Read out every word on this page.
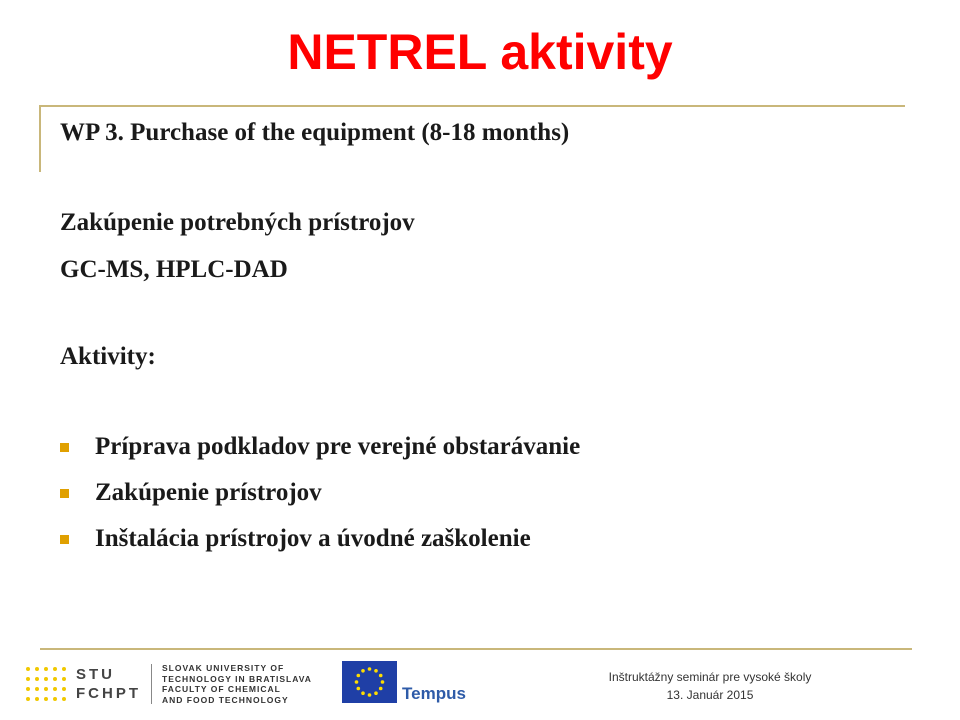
NETREL aktivity
WP 3. Purchase of the equipment (8-18 months)
Zakúpenie potrebných prístrojov
GC-MS, HPLC-DAD
Aktivity:
Príprava podkladov pre verejné obstarávanie
Zakúpenie prístrojov
Inštalácia prístrojov a úvodné zaškolenie
STU
FCHPT
SLOVAK UNIVERSITY OF
TECHNOLOGY IN BRATISLAVA
FACULTY OF CHEMICAL
AND FOOD TECHNOLOGY	Tempus
Inštruktážny seminár pre vysoké školy
13. Január 2015
